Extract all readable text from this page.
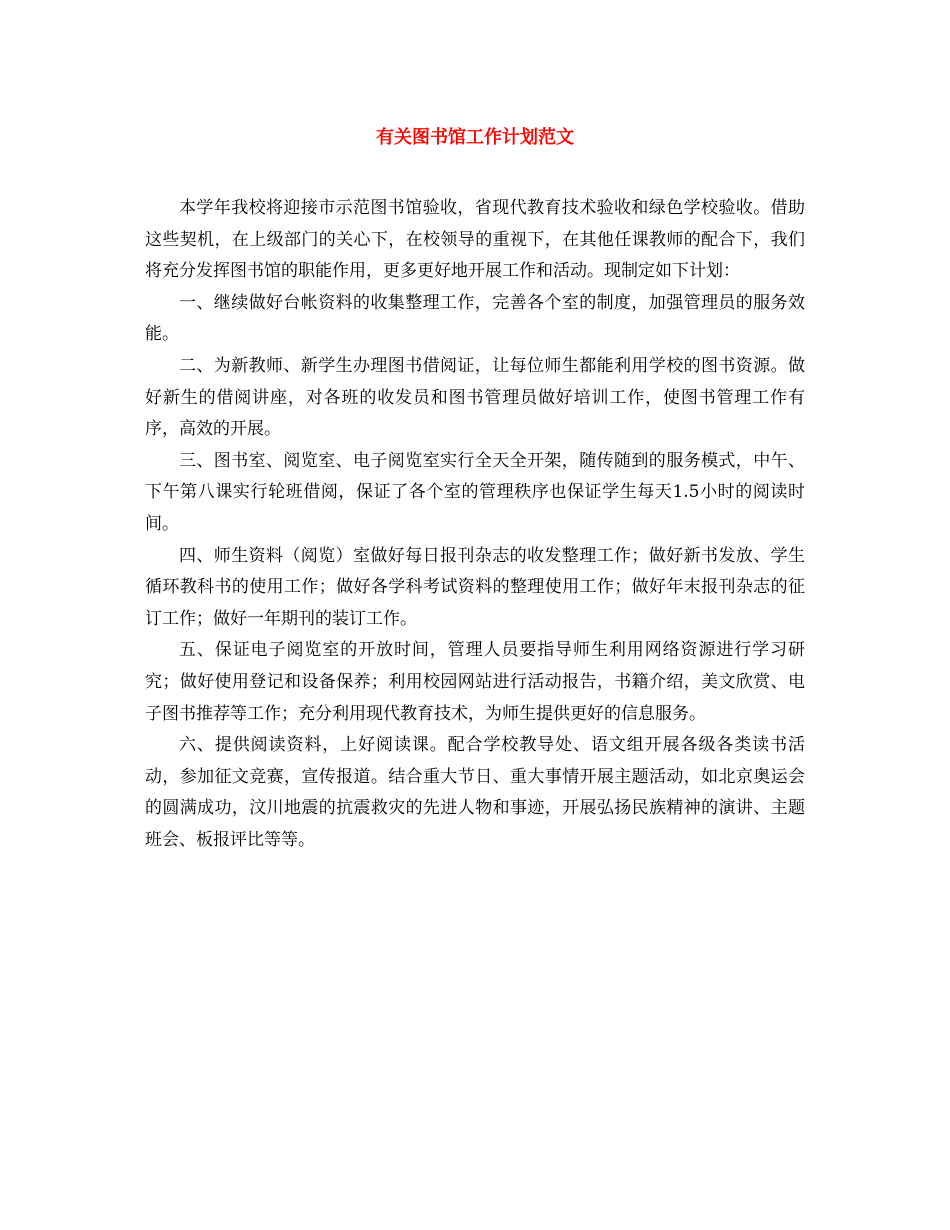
有关图书馆工作计划范文

本学年我校将迎接市示范图书馆验收，省现代教育技术验收和绿色学校验收。借助这些契机，在上级部门的关心下，在校领导的重视下，在其他任课教师的配合下，我们将充分发挥图书馆的职能作用，更多更好地开展工作和活动。现制定如下计划：

一、继续做好台帐资料的收集整理工作，完善各个室的制度，加强管理员的服务效能。

二、为新教师、新学生办理图书借阅证，让每位师生都能利用学校的图书资源。做好新生的借阅讲座，对各班的收发员和图书管理员做好培训工作，使图书管理工作有序，高效的开展。

三、图书室、阅览室、电子阅览室实行全天全开架，随传随到的服务模式，中午、下午第八课实行轮班借阅，保证了各个室的管理秩序也保证学生每天1.5小时的阅读时间。

四、师生资料（阅览）室做好每日报刊杂志的收发整理工作；做好新书发放、学生循环教科书的使用工作；做好各学科考试资料的整理使用工作；做好年末报刊杂志的征订工作；做好一年期刊的装订工作。

五、保证电子阅览室的开放时间，管理人员要指导师生利用网络资源进行学习研究；做好使用登记和设备保养；利用校园网站进行活动报告，书籍介绍，美文欣赏、电子图书推荐等工作；充分利用现代教育技术，为师生提供更好的信息服务。

六、提供阅读资料，上好阅读课。配合学校教导处、语文组开展各级各类读书活动，参加征文竞赛，宣传报道。结合重大节日、重大事情开展主题活动，如北京奥运会的圆满成功，汶川地震的抗震救灾的先进人物和事迹，开展弘扬民族精神的演讲、主题班会、板报评比等等。
